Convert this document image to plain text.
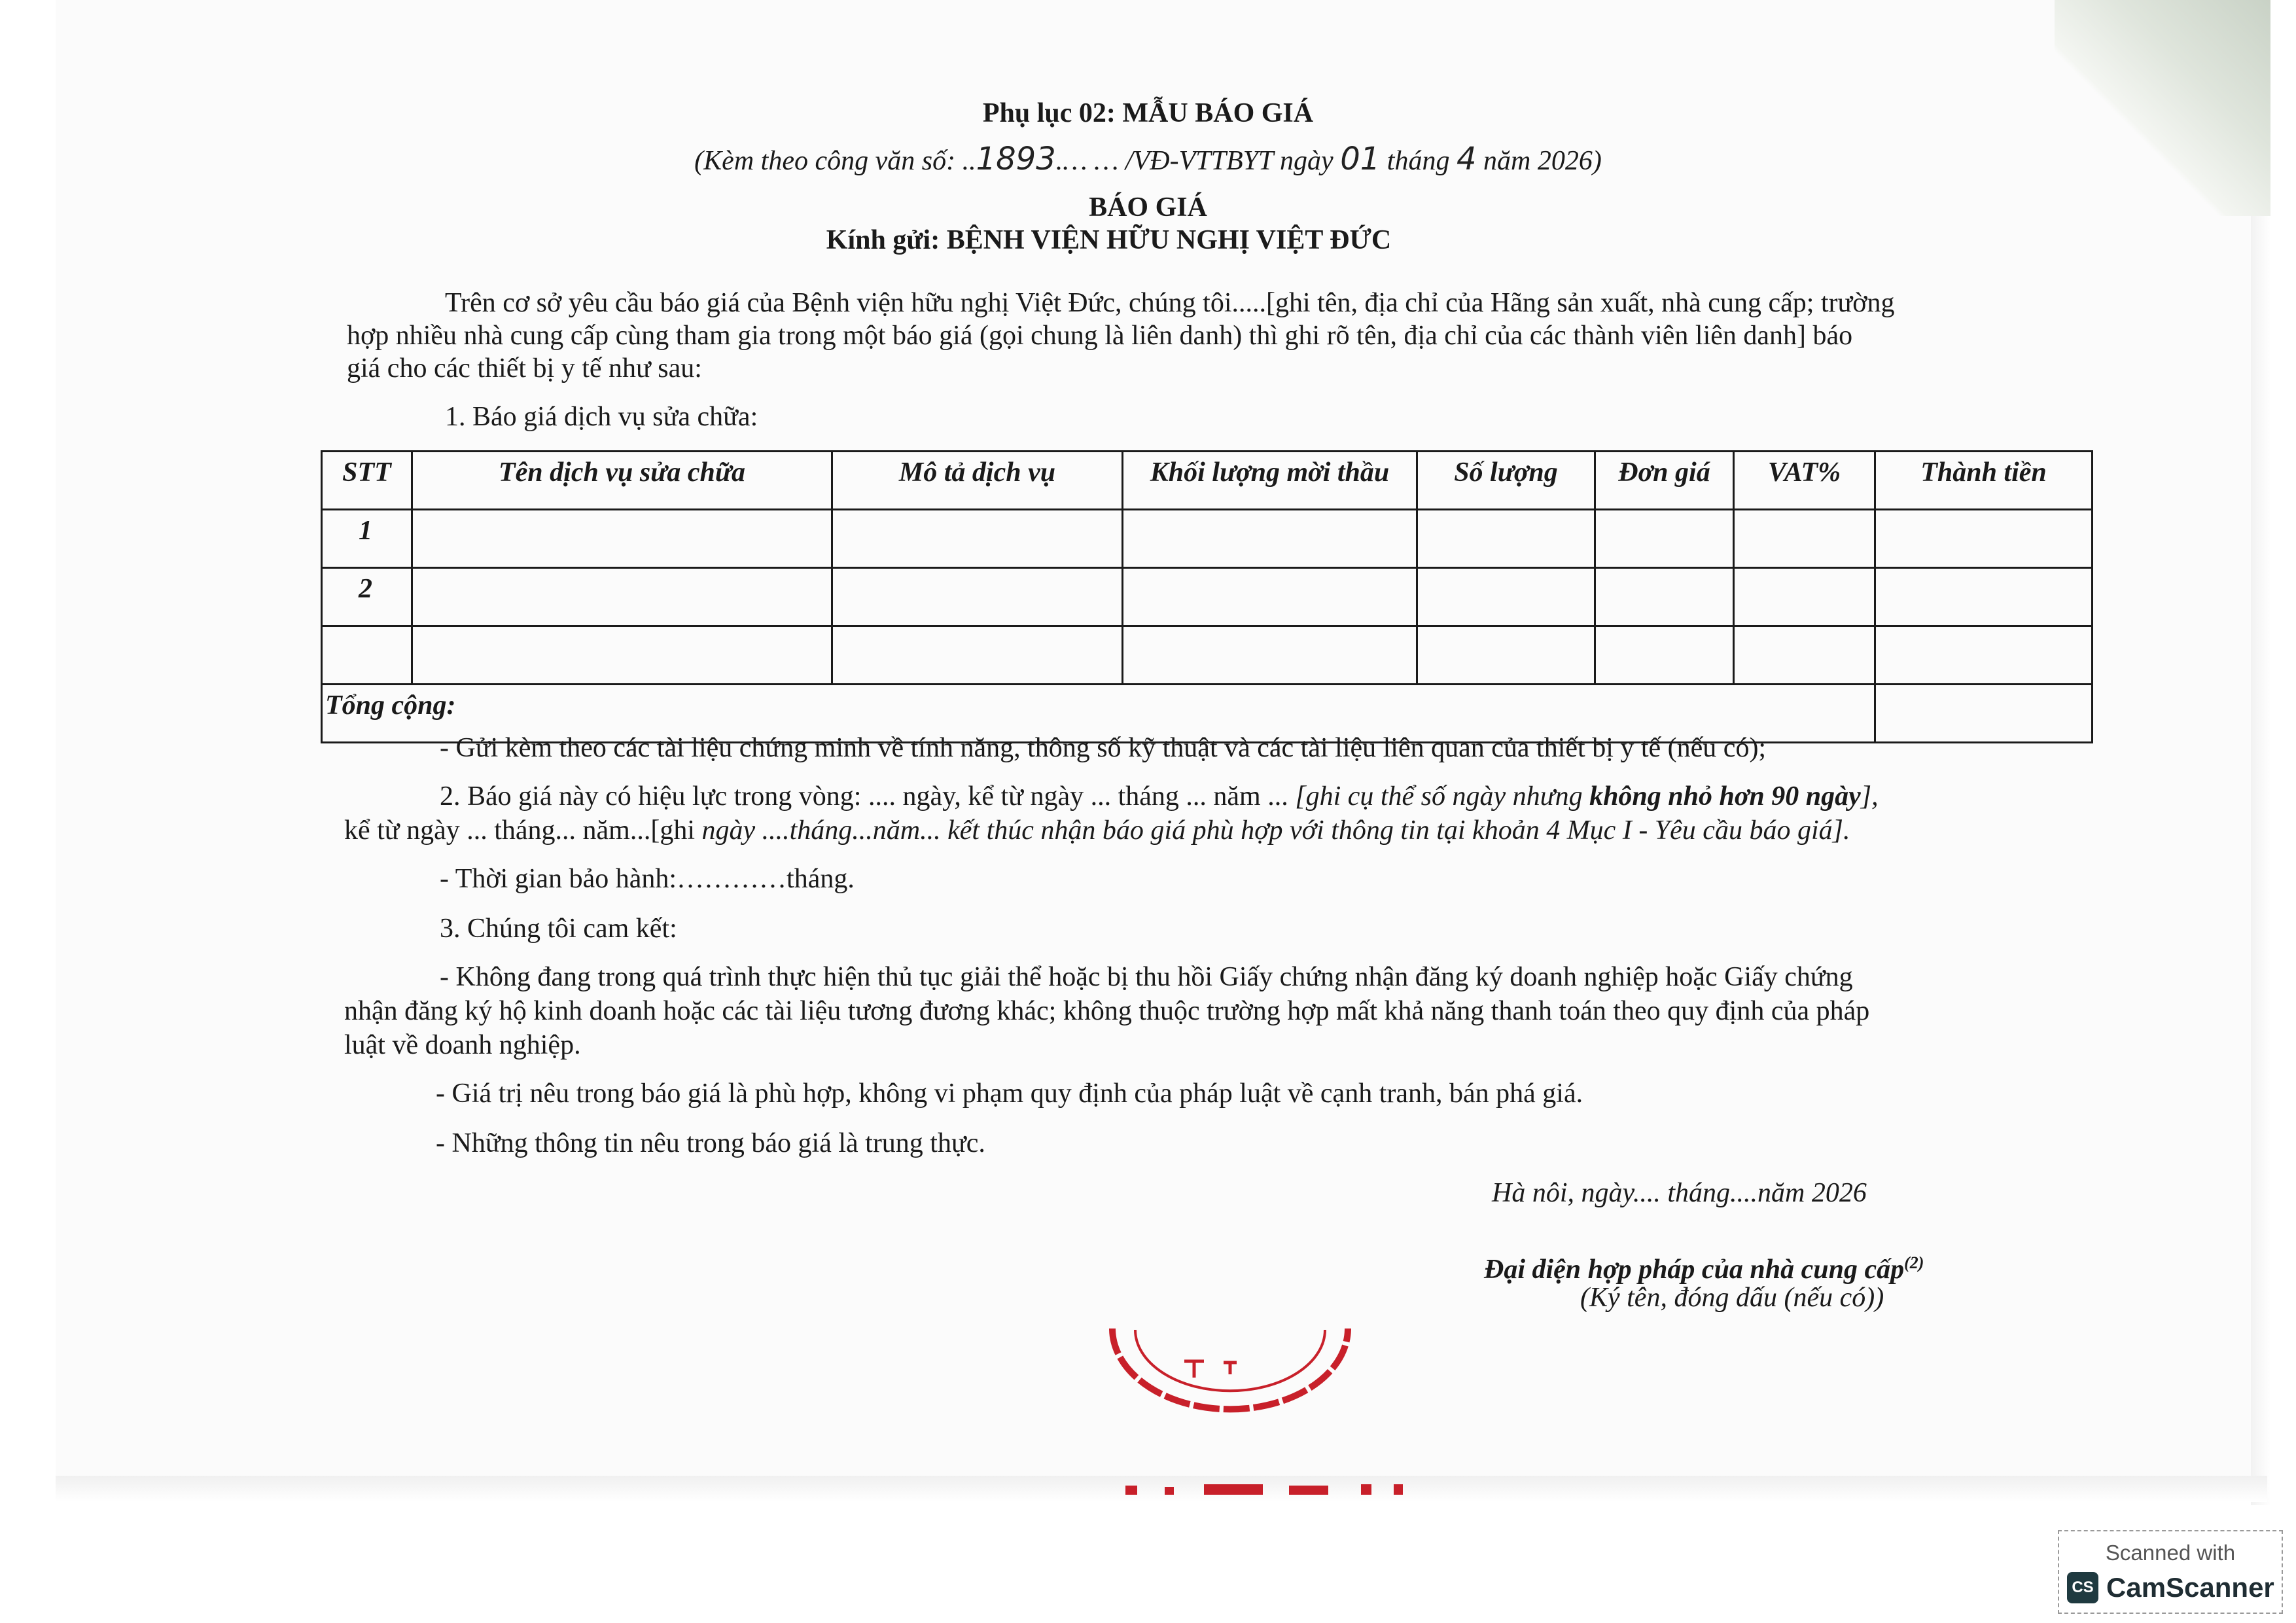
Phụ lục 02: MẪU BÁO GIÁ
(Kèm theo công văn số: ..1893.… … /VĐ-VTTBYT ngày 01 tháng 4 năm 2026)
BÁO GIÁ
Kính gửi: BỆNH VIỆN HỮU NGHỊ VIỆT ĐỨC
Trên cơ sở yêu cầu báo giá của Bệnh viện hữu nghị Việt Đức, chúng tôi.....[ghi tên, địa chỉ của Hãng sản xuất, nhà cung cấp; trường
hợp nhiều nhà cung cấp cùng tham gia trong một báo giá (gọi chung là liên danh) thì ghi rõ tên, địa chỉ của các thành viên liên danh] báo
giá cho các thiết bị y tế như sau:
1. Báo giá dịch vụ sửa chữa:
STT	Tên dịch vụ sửa chữa	Mô tả dịch vụ	Khối lượng mời thầu	Số lượng	Đơn giá	VAT%	Thành tiền
1							
2							

Tổng cộng:							
- Gửi kèm theo các tài liệu chứng minh về tính năng, thông số kỹ thuật và các tài liệu liên quan của thiết bị y tế (nếu có);
2. Báo giá này có hiệu lực trong vòng: .... ngày, kể từ ngày ... tháng ... năm ... [ghi cụ thể số ngày nhưng không nhỏ hơn 90 ngày],
kể từ ngày ... tháng... năm...[ghi ngày ....tháng...năm... kết thúc nhận báo giá phù hợp với thông tin tại khoản 4 Mục I - Yêu cầu báo giá].
- Thời gian bảo hành:…………tháng.
3. Chúng tôi cam kết:
- Không đang trong quá trình thực hiện thủ tục giải thể hoặc bị thu hồi Giấy chứng nhận đăng ký doanh nghiệp hoặc Giấy chứng
nhận đăng ký hộ kinh doanh hoặc các tài liệu tương đương khác; không thuộc trường hợp mất khả năng thanh toán theo quy định của pháp
luật về doanh nghiệp.
- Giá trị nêu trong báo giá là phù hợp, không vi phạm quy định của pháp luật về cạnh tranh, bán phá giá.
- Những thông tin nêu trong báo giá là trung thực.
Hà nôi, ngày.... tháng....năm 2026
Đại diện hợp pháp của nhà cung cấp$^{(2)}$
(Ký tên, đóng dấu (nếu có))
Scanned with
CS CamScanner
